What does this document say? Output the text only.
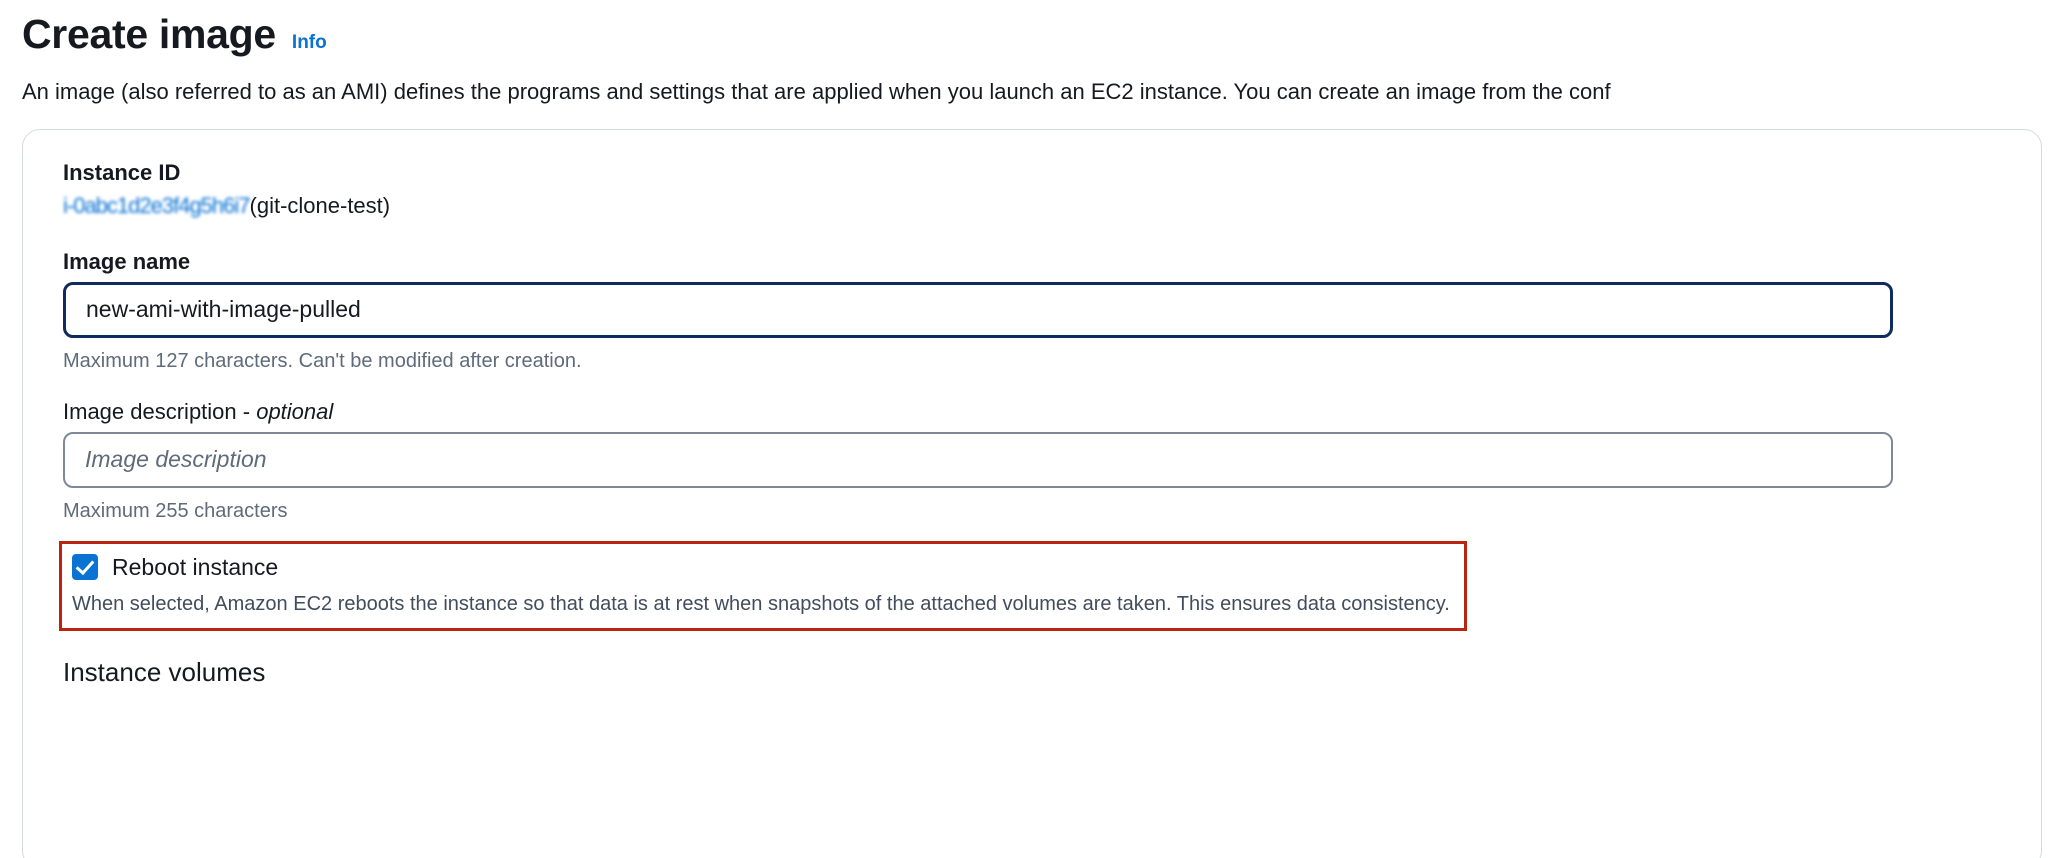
Create image Info
An image (also referred to as an AMI) defines the programs and settings that are applied when you launch an EC2 instance. You can create an image from the conf
Instance ID
i-0abc1d2e3f4g5h6i7 (git-clone-test)
Image name
new-ami-with-image-pulled
Maximum 127 characters. Can't be modified after creation.
Image description - optional
Image description
Maximum 255 characters
Reboot instance
When selected, Amazon EC2 reboots the instance so that data is at rest when snapshots of the attached volumes are taken. This ensures data consistency.
Instance volumes
